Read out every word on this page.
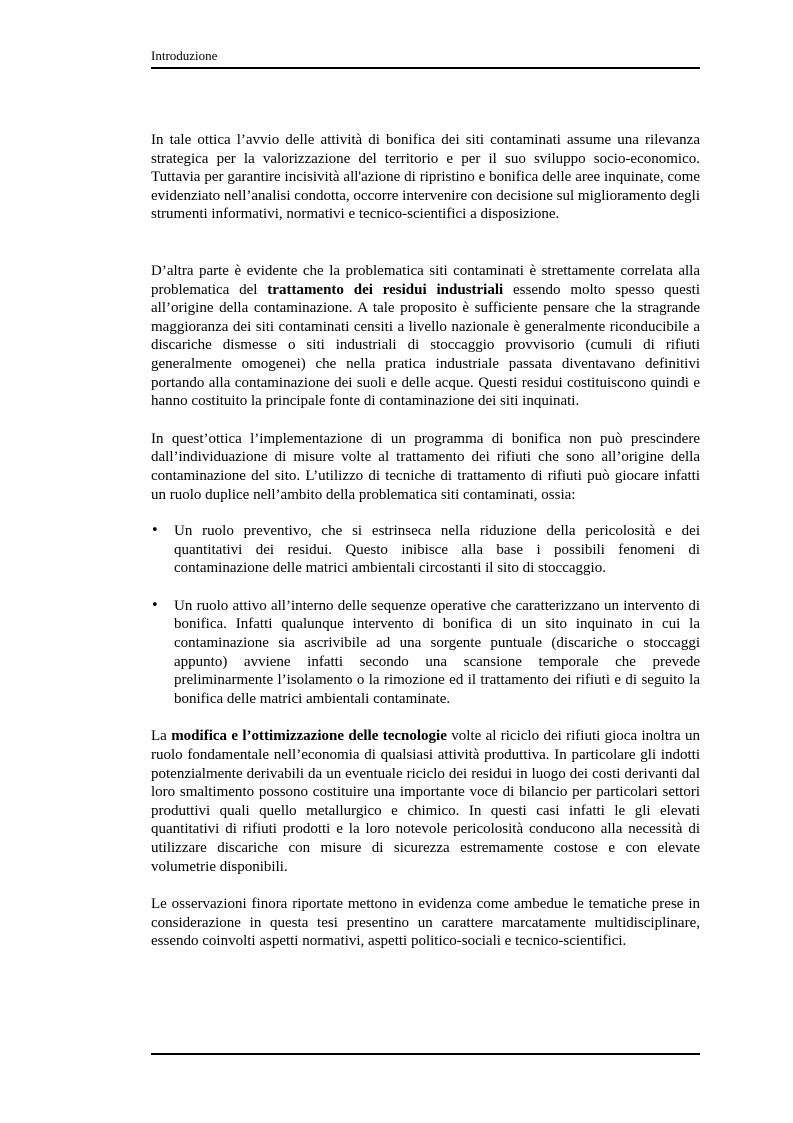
Introduzione

In tale ottica l’avvio delle attività di bonifica dei siti contaminati assume una rilevanza strategica per la valorizzazione del territorio e per il suo sviluppo socio-economico. Tuttavia per garantire incisività all'azione di ripristino e bonifica delle aree inquinate, come evidenziato nell’analisi condotta, occorre intervenire con decisione sul miglioramento degli strumenti informativi, normativi e tecnico-scientifici a disposizione.

D’altra parte è evidente che la problematica siti contaminati è strettamente correlata alla problematica del trattamento dei residui industriali essendo molto spesso questi all’origine della contaminazione. A tale proposito è sufficiente pensare che la stragrande maggioranza dei siti contaminati censiti a livello nazionale è generalmente riconducibile a discariche dismesse o siti industriali di stoccaggio provvisorio (cumuli di rifiuti generalmente omogenei) che nella pratica industriale passata diventavano definitivi portando alla contaminazione dei suoli e delle acque. Questi residui costituiscono quindi e hanno costituito la principale fonte di contaminazione dei siti inquinati.

In quest’ottica l’implementazione di un programma di bonifica non può prescindere dall’individuazione di misure volte al trattamento dei rifiuti che sono all’origine della contaminazione del sito. L’utilizzo di tecniche di trattamento di rifiuti può giocare infatti un ruolo duplice nell’ambito della problematica siti contaminati, ossia:

• Un ruolo preventivo, che si estrinseca nella riduzione della pericolosità e dei quantitativi dei residui. Questo inibisce alla base i possibili fenomeni di contaminazione delle matrici ambientali circostanti il sito di stoccaggio.
• Un ruolo attivo all’interno delle sequenze operative che caratterizzano un intervento di bonifica. Infatti qualunque intervento di bonifica di un sito inquinato in cui la contaminazione sia ascrivibile ad una sorgente puntuale (discariche o stoccaggi appunto) avviene infatti secondo una scansione temporale che prevede preliminarmente l’isolamento o la rimozione ed il trattamento dei rifiuti e di seguito la bonifica delle matrici ambientali contaminate.

La modifica e l’ottimizzazione delle tecnologie volte al riciclo dei rifiuti gioca inoltra un ruolo fondamentale nell’economia di qualsiasi attività produttiva. In particolare gli indotti potenzialmente derivabili da un eventuale riciclo dei residui in luogo dei costi derivanti dal loro smaltimento possono costituire una importante voce di bilancio per particolari settori produttivi quali quello metallurgico e chimico. In questi casi infatti le gli elevati quantitativi di rifiuti prodotti e la loro notevole pericolosità conducono alla necessità di utilizzare discariche con misure di sicurezza estremamente costose e con elevate volumetrie disponibili.

Le osservazioni finora riportate mettono in evidenza come ambedue le tematiche prese in considerazione in questa tesi presentino un carattere marcatamente multidisciplinare, essendo coinvolti aspetti normativi, aspetti politico-sociali e tecnico-scientifici.
